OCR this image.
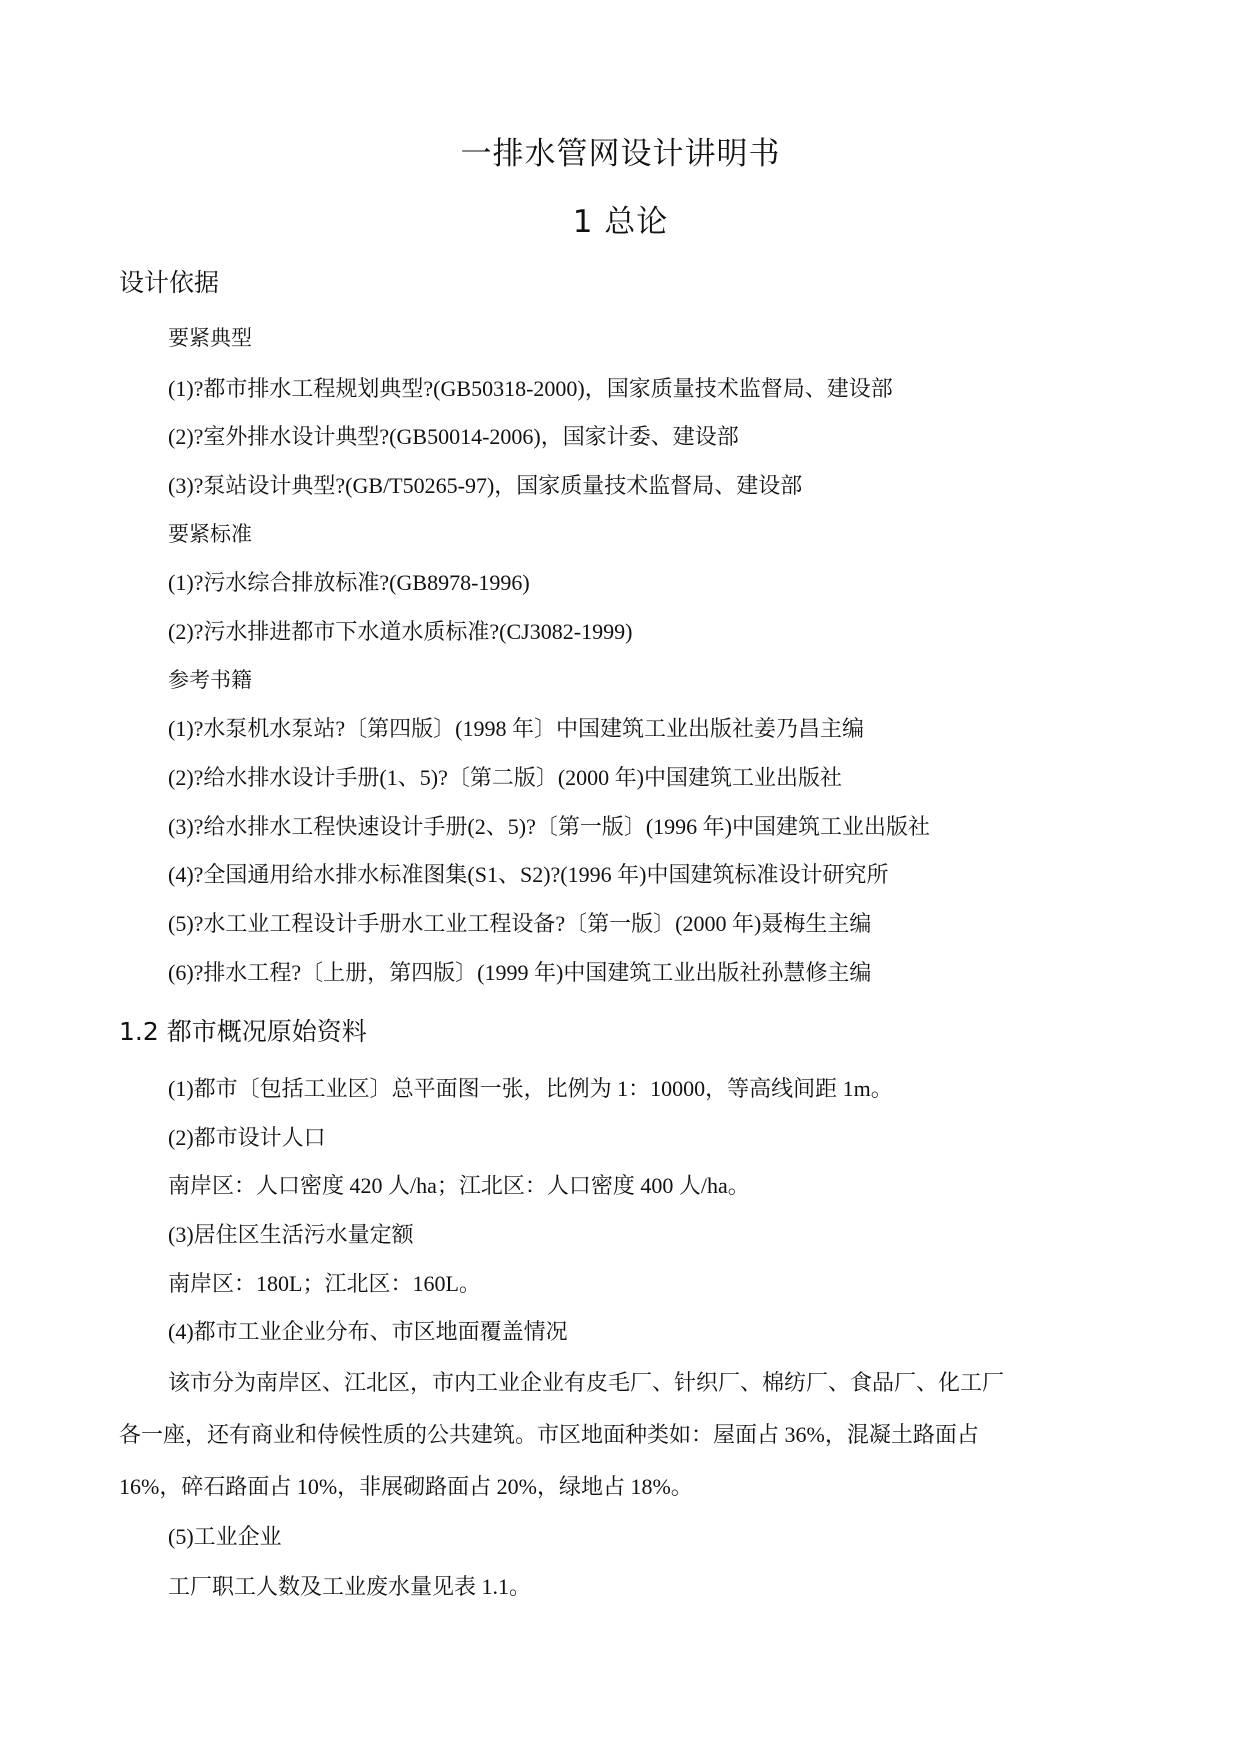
一排水管网设计讲明书
1 总论
设计依据
要紧典型
(1)?都市排水工程规划典型?(GB50318-2000)，国家质量技术监督局、建设部
(2)?室外排水设计典型?(GB50014-2006)，国家计委、建设部
(3)?泵站设计典型?(GB/T50265-97)，国家质量技术监督局、建设部
要紧标准
(1)?污水综合排放标准?(GB8978-1996)
(2)?污水排进都市下水道水质标准?(CJ3082-1999)
参考书籍
(1)?水泵机水泵站?〔第四版〕(1998 年〕中国建筑工业出版社姜乃昌主编
(2)?给水排水设计手册(1、5)?〔第二版〕(2000 年)中国建筑工业出版社
(3)?给水排水工程快速设计手册(2、5)?〔第一版〕(1996 年)中国建筑工业出版社
(4)?全国通用给水排水标准图集(S1、S2)?(1996 年)中国建筑标准设计研究所
(5)?水工业工程设计手册水工业工程设备?〔第一版〕(2000 年)聂梅生主编
(6)?排水工程?〔上册，第四版〕(1999 年)中国建筑工业出版社孙慧修主编
1.2 都市概况原始资料
(1)都市〔包括工业区〕总平面图一张，比例为 1：10000，等高线间距 1m。
(2)都市设计人口
南岸区：人口密度 420 人/ha；江北区：人口密度 400 人/ha。
(3)居住区生活污水量定额
南岸区：180L；江北区：160L。
(4)都市工业企业分布、市区地面覆盖情况
该市分为南岸区、江北区，市内工业企业有皮毛厂、针织厂、棉纺厂、食品厂、化工厂
各一座，还有商业和侍候性质的公共建筑。市区地面种类如：屋面占 36%，混凝土路面占
16%，碎石路面占 10%，非展砌路面占 20%，绿地占 18%。
(5)工业企业
工厂职工人数及工业废水量见表 1.1。
